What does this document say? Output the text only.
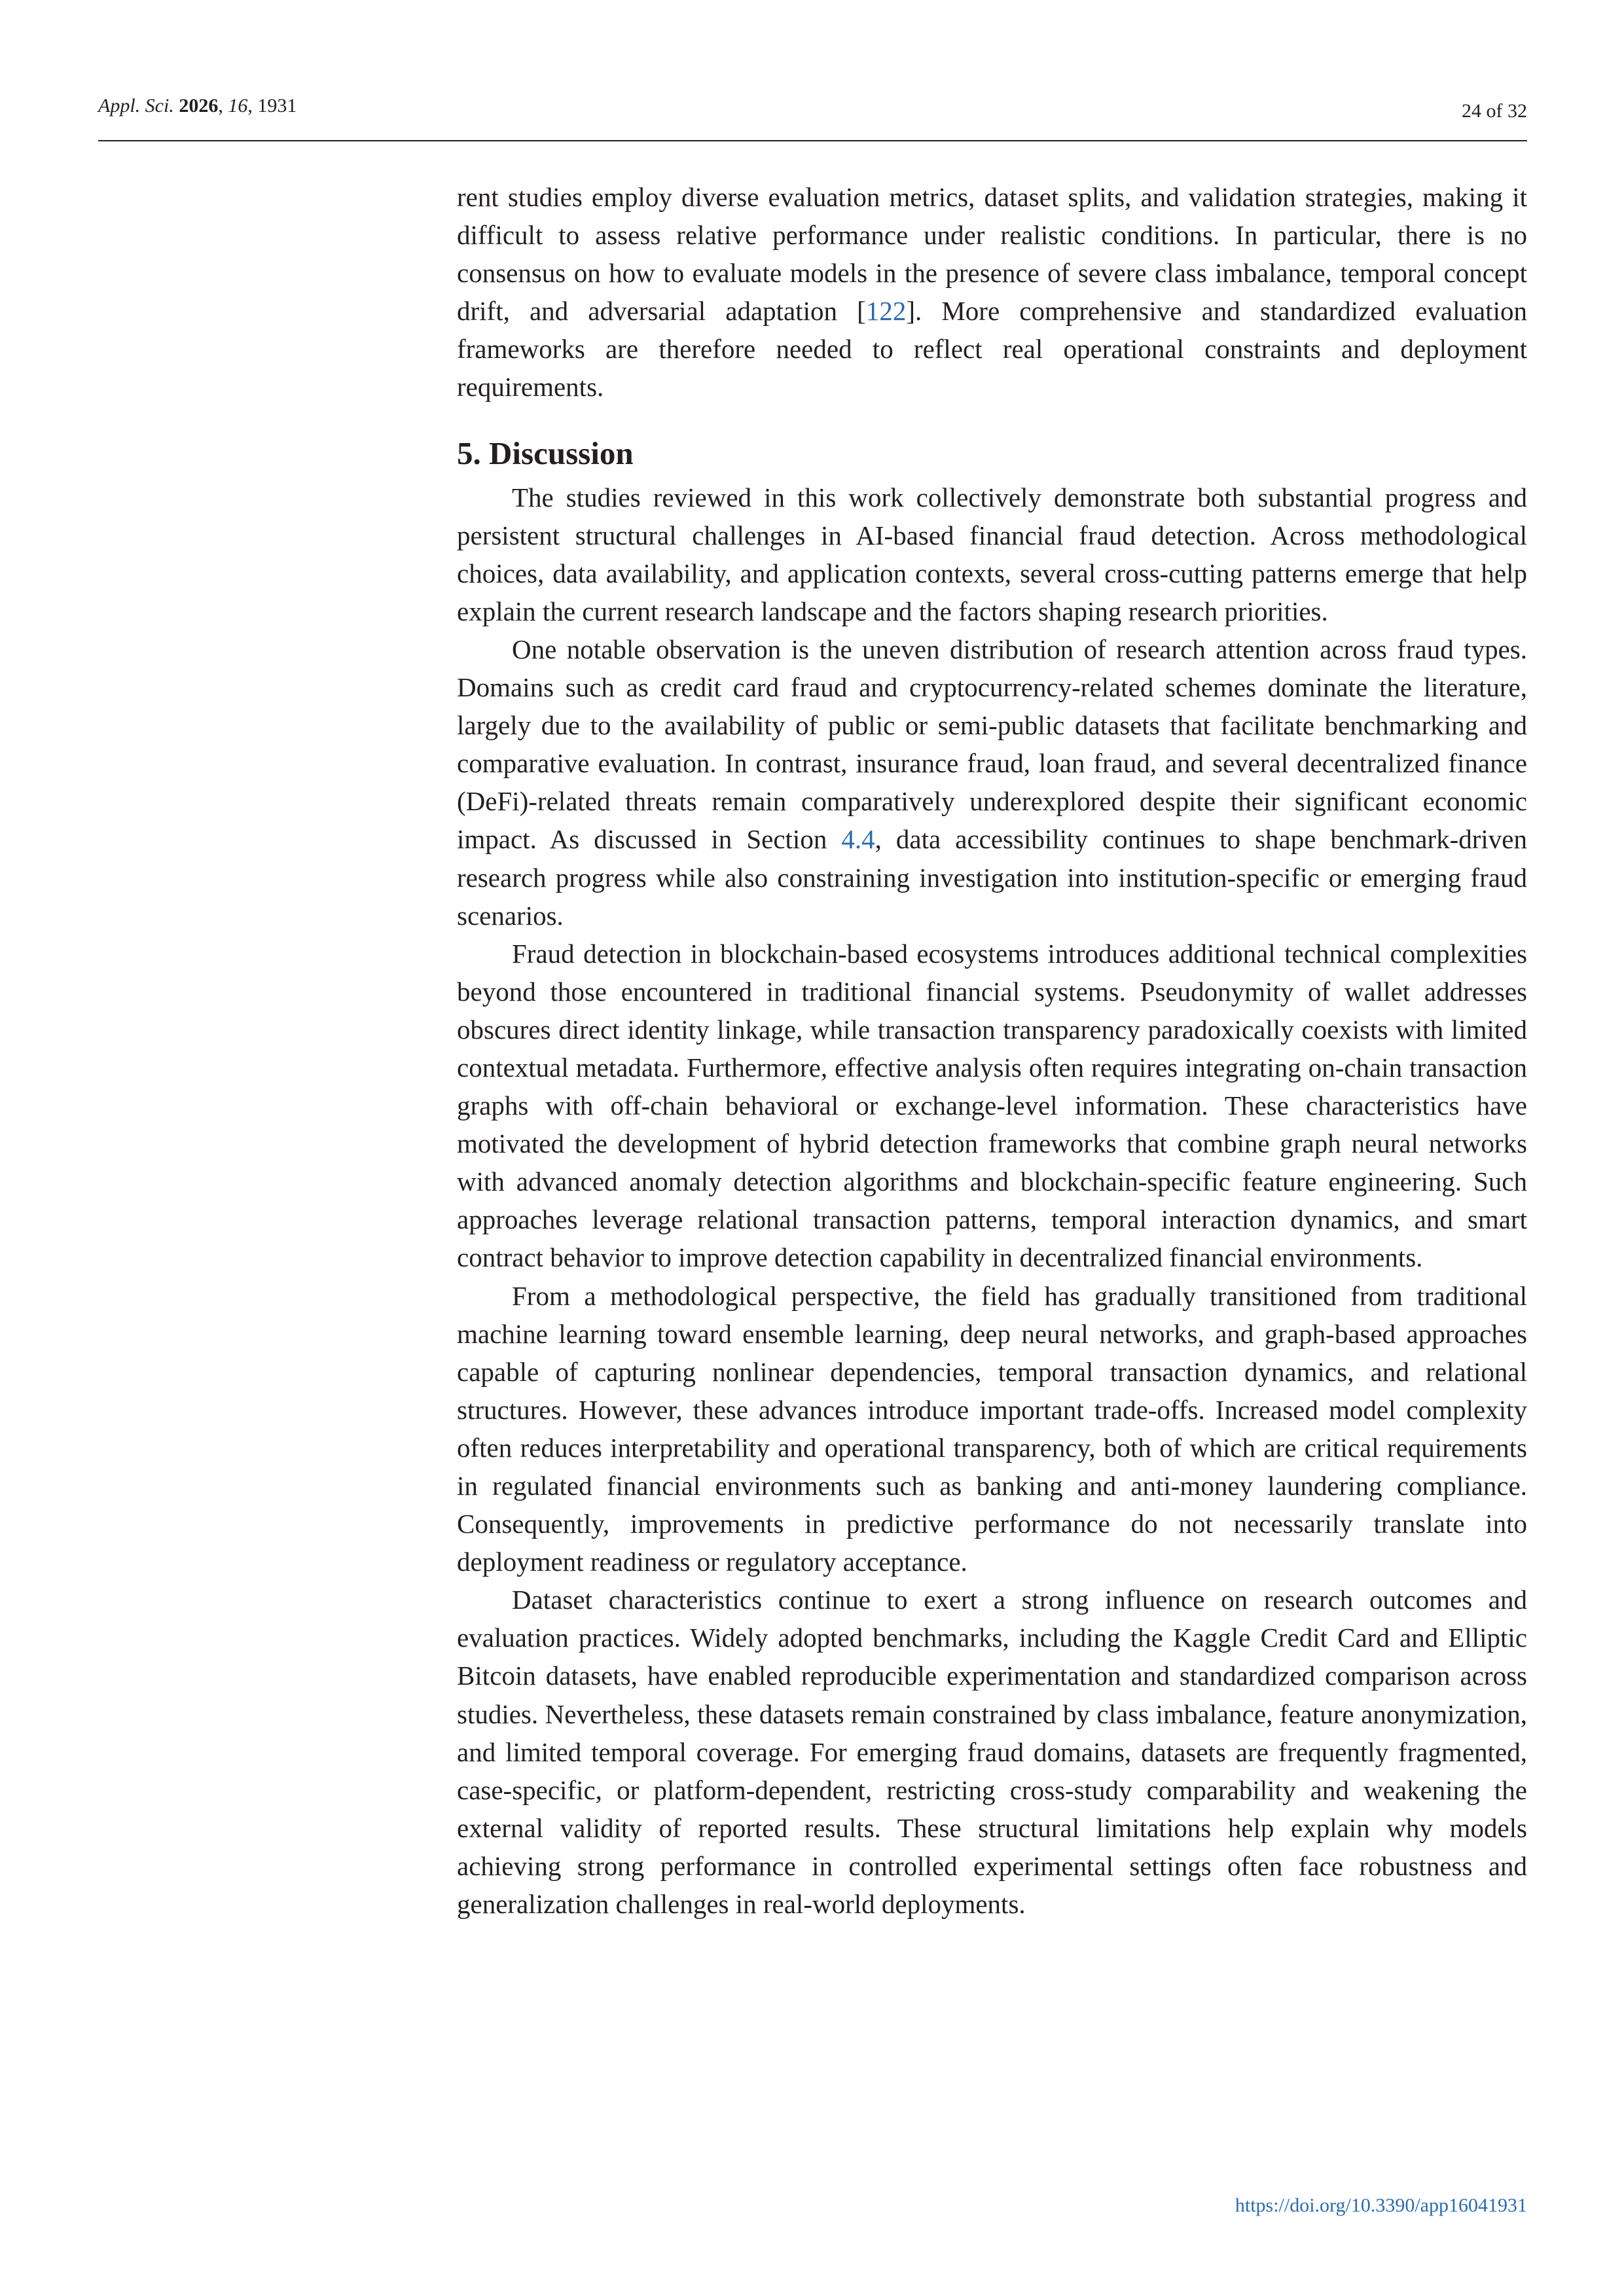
Appl. Sci. 2026, 16, 1931	24 of 32

rent studies employ diverse evaluation metrics, dataset splits, and validation strategies, making it difficult to assess relative performance under realistic conditions. In particular, there is no consensus on how to evaluate models in the presence of severe class imbalance, temporal concept drift, and adversarial adaptation [122]. More comprehensive and standardized evaluation frameworks are therefore needed to reflect real operational constraints and deployment requirements.

5. Discussion

The studies reviewed in this work collectively demonstrate both substantial progress and persistent structural challenges in AI-based financial fraud detection. Across methodological choices, data availability, and application contexts, several cross-cutting patterns emerge that help explain the current research landscape and the factors shaping research priorities.

One notable observation is the uneven distribution of research attention across fraud types. Domains such as credit card fraud and cryptocurrency-related schemes dominate the literature, largely due to the availability of public or semi-public datasets that facilitate benchmarking and comparative evaluation. In contrast, insurance fraud, loan fraud, and several decentralized finance (DeFi)-related threats remain comparatively underexplored despite their significant economic impact. As discussed in Section 4.4, data accessibility continues to shape benchmark-driven research progress while also constraining investigation into institution-specific or emerging fraud scenarios.

Fraud detection in blockchain-based ecosystems introduces additional technical complexities beyond those encountered in traditional financial systems. Pseudonymity of wallet addresses obscures direct identity linkage, while transaction transparency paradoxically coexists with limited contextual metadata. Furthermore, effective analysis often requires integrating on-chain transaction graphs with off-chain behavioral or exchange-level information. These characteristics have motivated the development of hybrid detection frameworks that combine graph neural networks with advanced anomaly detection algorithms and blockchain-specific feature engineering. Such approaches leverage relational transaction patterns, temporal interaction dynamics, and smart contract behavior to improve detection capability in decentralized financial environments.

From a methodological perspective, the field has gradually transitioned from traditional machine learning toward ensemble learning, deep neural networks, and graph-based approaches capable of capturing nonlinear dependencies, temporal transaction dynamics, and relational structures. However, these advances introduce important trade-offs. Increased model complexity often reduces interpretability and operational transparency, both of which are critical requirements in regulated financial environments such as banking and anti-money laundering compliance. Consequently, improvements in predictive performance do not necessarily translate into deployment readiness or regulatory acceptance.

Dataset characteristics continue to exert a strong influence on research outcomes and evaluation practices. Widely adopted benchmarks, including the Kaggle Credit Card and Elliptic Bitcoin datasets, have enabled reproducible experimentation and standardized comparison across studies. Nevertheless, these datasets remain constrained by class imbalance, feature anonymization, and limited temporal coverage. For emerging fraud domains, datasets are frequently fragmented, case-specific, or platform-dependent, restricting cross-study comparability and weakening the external validity of reported results. These structural limitations help explain why models achieving strong performance in controlled experimental settings often face robustness and generalization challenges in real-world deployments.

https://doi.org/10.3390/app16041931
